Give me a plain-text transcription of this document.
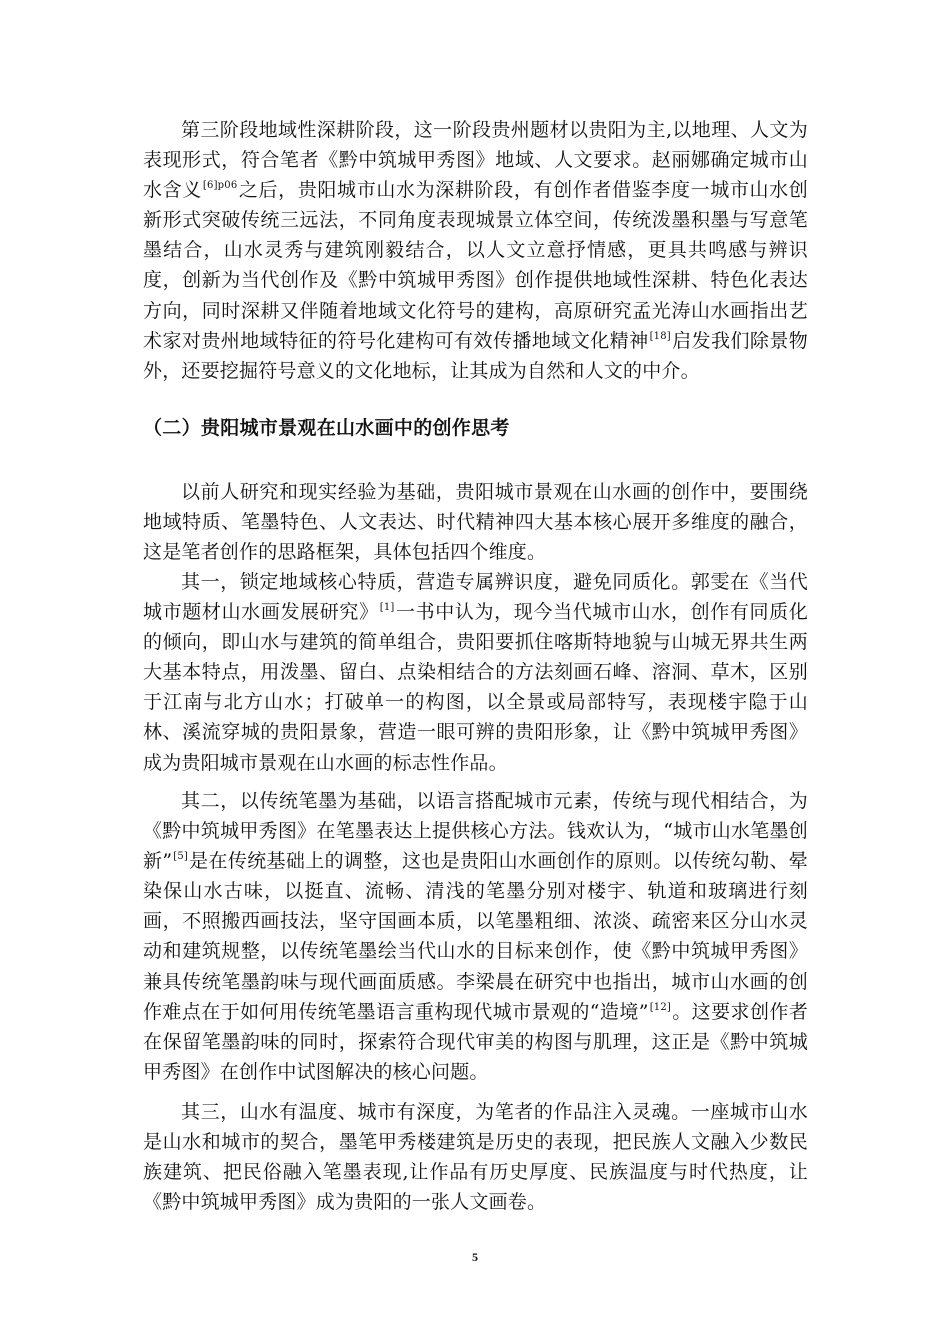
第三阶段地域性深耕阶段，这一阶段贵州题材以贵阳为主,以地理、人文为表现形式，符合笔者《黔中筑城甲秀图》地域、人文要求。赵丽娜确定城市山水含义$^{[6]p06}$之后，贵阳城市山水为深耕阶段，有创作者借鉴李度一城市山水创新形式突破传统三远法，不同角度表现城景立体空间，传统泼墨积墨与写意笔墨结合，山水灵秀与建筑刚毅结合，以人文立意抒情感，更具共鸣感与辨识度，创新为当代创作及《黔中筑城甲秀图》创作提供地域性深耕、特色化表达方向，同时深耕又伴随着地域文化符号的建构，高原研究孟光涛山水画指出艺术家对贵州地域特征的符号化建构可有效传播地域文化精神[18]启发我们除景物外，还要挖掘符号意义的文化地标，让其成为自然和人文的中介。

（二）贵阳城市景观在山水画中的创作思考

以前人研究和现实经验为基础，贵阳城市景观在山水画的创作中，要围绕地域特质、笔墨特色、人文表达、时代精神四大基本核心展开多维度的融合，这是笔者创作的思路框架，具体包括四个维度。

其一，锁定地域核心特质，营造专属辨识度，避免同质化。郭雯在《当代城市题材山水画发展研究》[1]一书中认为，现今当代城市山水，创作有同质化的倾向，即山水与建筑的简单组合，贵阳要抓住喀斯特地貌与山城无界共生两大基本特点，用泼墨、留白、点染相结合的方法刻画石峰、溶洞、草木，区别于江南与北方山水；打破单一的构图，以全景或局部特写，表现楼宇隐于山林、溪流穿城的贵阳景象，营造一眼可辨的贵阳形象，让《黔中筑城甲秀图》成为贵阳城市景观在山水画的标志性作品。

其二，以传统笔墨为基础，以语言搭配城市元素，传统与现代相结合，为《黔中筑城甲秀图》在笔墨表达上提供核心方法。钱欢认为，“城市山水笔墨创新”[5]是在传统基础上的调整，这也是贵阳山水画创作的原则。以传统勾勒、晕染保山水古味，以挺直、流畅、清浅的笔墨分别对楼宇、轨道和玻璃进行刻画，不照搬西画技法，坚守国画本质，以笔墨粗细、浓淡、疏密来区分山水灵动和建筑规整，以传统笔墨绘当代山水的目标来创作，使《黔中筑城甲秀图》兼具传统笔墨韵味与现代画面质感。李梁晨在研究中也指出，城市山水画的创作难点在于如何用传统笔墨语言重构现代城市景观的“造境”[12]。这要求创作者在保留笔墨韵味的同时，探索符合现代审美的构图与肌理，这正是《黔中筑城甲秀图》在创作中试图解决的核心问题。

其三，山水有温度、城市有深度，为笔者的作品注入灵魂。一座城市山水是山水和城市的契合，墨笔甲秀楼建筑是历史的表现，把民族人文融入少数民族建筑、把民俗融入笔墨表现,让作品有历史厚度、民族温度与时代热度，让《黔中筑城甲秀图》成为贵阳的一张人文画卷。

5
